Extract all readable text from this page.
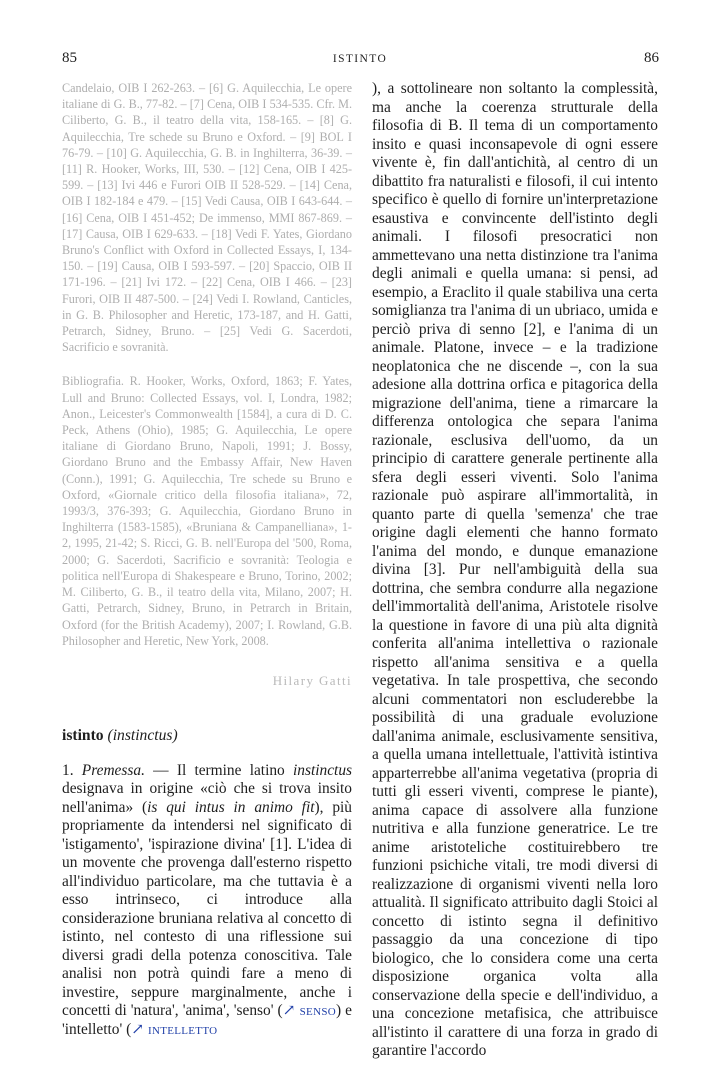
85	ISTINTO	86

Candelaio, OIB I 262-263. – [6] G. Aquilecchia, Le opere italiane di G. B., 77-82. – [7] Cena, OIB I 534-535. Cfr. M. Ciliberto, G. B., il teatro della vita, 158-165. – [8] G. Aquilecchia, Tre schede su Bruno e Oxford. – [9] BOL I 76-79. – [10] G. Aquilecchia, G. B. in Inghilterra, 36-39. – [11] R. Hooker, Works, III, 530. – [12] Cena, OIB I 425-599. – [13] Ivi 446 e Furori OIB II 528-529. – [14] Cena, OIB I 182-184 e 479. – [15] Vedi Causa, OIB I 643-644. – [16] Cena, OIB I 451-452; De immenso, MMI 867-869. – [17] Causa, OIB I 629-633. – [18] Vedi F. Yates, Giordano Bruno's Conflict with Oxford in Collected Essays, I, 134-150. – [19] Causa, OIB I 593-597. – [20] Spaccio, OIB II 171-196. – [21] Ivi 172. – [22] Cena, OIB I 466. – [23] Furori, OIB II 487-500. – [24] Vedi I. Rowland, Canticles, in G. B. Philosopher and Heretic, 173-187, and H. Gatti, Petrarch, Sidney, Bruno. – [25] Vedi G. Sacerdoti, Sacrificio e sovranità.

Bibliografia. R. Hooker, Works, Oxford, 1863; F. Yates, Lull and Bruno: Collected Essays, vol. I, Londra, 1982; Anon., Leicester's Commonwealth [1584], a cura di D. C. Peck, Athens (Ohio), 1985; G. Aquilecchia, Le opere italiane di Giordano Bruno, Napoli, 1991; J. Bossy, Giordano Bruno and the Embassy Affair, New Haven (Conn.), 1991; G. Aquilecchia, Tre schede su Bruno e Oxford, «Giornale critico della filosofia italiana», 72, 1993/3, 376-393; G. Aquilecchia, Giordano Bruno in Inghilterra (1583-1585), «Bruniana & Campanelliana», 1-2, 1995, 21-42; S. Ricci, G. B. nell'Europa del '500, Roma, 2000; G. Sacerdoti, Sacrificio e sovranità: Teologia e politica nell'Europa di Shakespeare e Bruno, Torino, 2002; M. Ciliberto, G. B., il teatro della vita, Milano, 2007; H. Gatti, Petrarch, Sidney, Bruno, in Petrarch in Britain, Oxford (for the British Academy), 2007; I. Rowland, G.B. Philosopher and Heretic, New York, 2008.

Hilary Gatti
istinto (instinctus)

1. Premessa. — Il termine latino instinctus designava in origine «ciò che si trova insito nell'anima» (is qui intus in animo fit), più propriamente da intendersi nel significato di 'istigamento', 'ispirazione divina' [1]. L'idea di un movente che provenga dall'esterno rispetto all'individuo particolare, ma che tuttavia è a esso intrinseco, ci introduce alla considerazione bruniana relativa al concetto di istinto, nel contesto di una riflessione sui diversi gradi della potenza conoscitiva. Tale analisi non potrà quindi fare a meno di investire, seppure marginalmente, anche i concetti di 'natura', 'anima', 'senso' (↗ senso) e 'intelletto' (↗ intelletto

), a sottolineare non soltanto la complessità, ma anche la coerenza strutturale della filosofia di B. Il tema di un comportamento insito e quasi inconsapevole di ogni essere vivente è, fin dall'antichità, al centro di un dibattito fra naturalisti e filosofi, il cui intento specifico è quello di fornire un'interpretazione esaustiva e convincente dell'istinto degli animali. I filosofi presocratici non ammettevano una netta distinzione tra l'anima degli animali e quella umana: si pensi, ad esempio, a Eraclito il quale stabiliva una certa somiglianza tra l'anima di un ubriaco, umida e perciò priva di senno [2], e l'anima di un animale. Platone, invece – e la tradizione neoplatonica che ne discende –, con la sua adesione alla dottrina orfica e pitagorica della migrazione dell'anima, tiene a rimarcare la differenza ontologica che separa l'anima razionale, esclusiva dell'uomo, da un principio di carattere generale pertinente alla sfera degli esseri viventi. Solo l'anima razionale può aspirare all'immortalità, in quanto parte di quella 'semenza' che trae origine dagli elementi che hanno formato l'anima del mondo, e dunque emanazione divina [3]. Pur nell'ambiguità della sua dottrina, che sembra condurre alla negazione dell'immortalità dell'anima, Aristotele risolve la questione in favore di una più alta dignità conferita all'anima intellettiva o razionale rispetto all'anima sensitiva e a quella vegetativa. In tale prospettiva, che secondo alcuni commentatori non escluderebbe la possibilità di una graduale evoluzione dall'anima animale, esclusivamente sensitiva, a quella umana intellettuale, l'attività istintiva apparterrebbe all'anima vegetativa (propria di tutti gli esseri viventi, comprese le piante), anima capace di assolvere alla funzione nutritiva e alla funzione generatrice. Le tre anime aristoteliche costituirebbero tre funzioni psichiche vitali, tre modi diversi di realizzazione di organismi viventi nella loro attualità. Il significato attribuito dagli Stoici al concetto di istinto segna il definitivo passaggio da una concezione di tipo biologico, che lo considera come una certa disposizione organica volta alla conservazione della specie e dell'individuo, a una concezione metafisica, che attribuisce all'istinto il carattere di una forza in grado di garantire l'accordo
